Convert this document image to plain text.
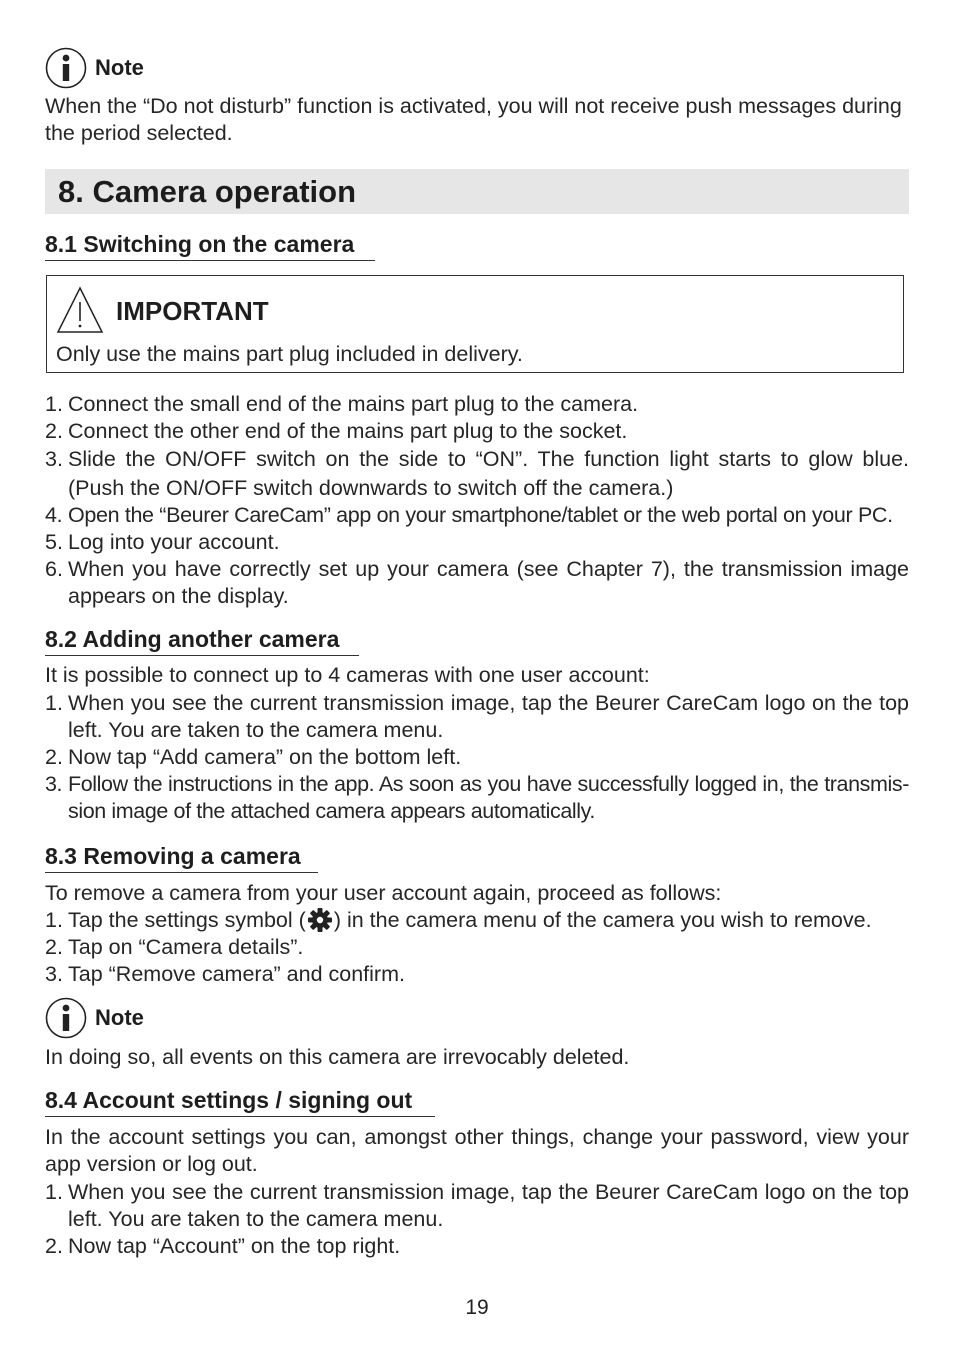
Note
When the “Do not disturb” function is activated, you will not receive push messages during the period selected.
8. Camera operation
8.1 Switching on the camera
IMPORTANT
Only use the mains part plug included in delivery.
1. Connect the small end of the mains part plug to the camera.
2. Connect the other end of the mains part plug to the socket.
3. Slide the ON/OFF switch on the side to “ON”. The function light starts to glow blue. (Push the ON/OFF switch downwards to switch off the camera.)
4. Open the “Beurer CareCam” app on your smartphone/tablet or the web portal on your PC.
5. Log into your account.
6. When you have correctly set up your camera (see Chapter 7), the transmission image appears on the display.
8.2 Adding another camera
It is possible to connect up to 4 cameras with one user account:
1. When you see the current transmission image, tap the Beurer CareCam logo on the top left. You are taken to the camera menu.
2. Now tap “Add camera” on the bottom left.
3. Follow the instructions in the app. As soon as you have successfully logged in, the transmis-sion image of the attached camera appears automatically.
8.3 Removing a camera
To remove a camera from your user account again, proceed as follows:
1. Tap the settings symbol ( ) in the camera menu of the camera you wish to remove.
2. Tap on “Camera details”.
3. Tap “Remove camera” and confirm.
Note
In doing so, all events on this camera are irrevocably deleted.
8.4 Account settings / signing out
In the account settings you can, amongst other things, change your password, view your app version or log out.
1. When you see the current transmission image, tap the Beurer CareCam logo on the top left. You are taken to the camera menu.
2. Now tap “Account” on the top right.
19
